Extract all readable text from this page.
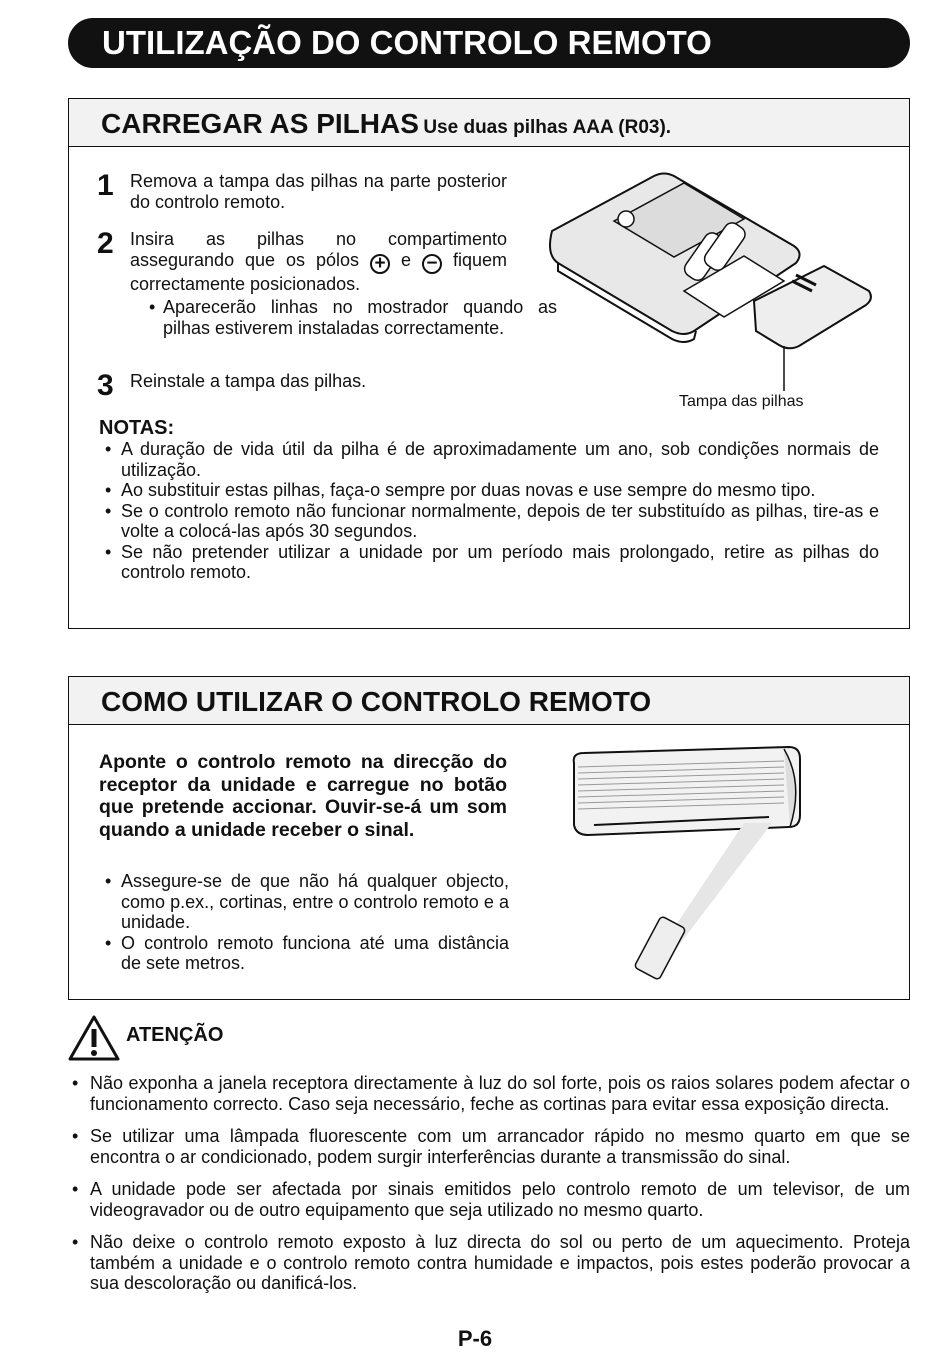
UTILIZAÇÃO DO CONTROLO REMOTO
CARREGAR AS PILHAS Use duas pilhas AAA (R03).
1 Remova a tampa das pilhas na parte posterior do controlo remoto.
2 Insira as pilhas no compartimento assegurando que os pólos + e − fiquem correctamente posicionados.
• Aparecerão linhas no mostrador quando as pilhas estiverem instaladas correctamente.
3 Reinstale a tampa das pilhas.
Tampa das pilhas
NOTAS:
• A duração de vida útil da pilha é de aproximadamente um ano, sob condições normais de utilização.
• Ao substituir estas pilhas, faça-o sempre por duas novas e use sempre do mesmo tipo.
• Se o controlo remoto não funcionar normalmente, depois de ter substituído as pilhas, tire-as e volte a colocá-las após 30 segundos.
• Se não pretender utilizar a unidade por um período mais prolongado, retire as pilhas do controlo remoto.
COMO UTILIZAR O CONTROLO REMOTO
Aponte o controlo remoto na direcção do receptor da unidade e carregue no botão que pretende accionar. Ouvir-se-á um som quando a unidade receber o sinal.
• Assegure-se de que não há qualquer objecto, como p.ex., cortinas, entre o controlo remoto e a unidade.
• O controlo remoto funciona até uma distância de sete metros.
ATENÇÃO
• Não exponha a janela receptora directamente à luz do sol forte, pois os raios solares podem afectar o funcionamento correcto. Caso seja necessário, feche as cortinas para evitar essa exposição directa.
• Se utilizar uma lâmpada fluorescente com um arrancador rápido no mesmo quarto em que se encontra o ar condicionado, podem surgir interferências durante a transmissão do sinal.
• A unidade pode ser afectada por sinais emitidos pelo controlo remoto de um televisor, de um videogravador ou de outro equipamento que seja utilizado no mesmo quarto.
• Não deixe o controlo remoto exposto à luz directa do sol ou perto de um aquecimento. Proteja também a unidade e o controlo remoto contra humidade e impactos, pois estes poderão provocar a sua descoloração ou danificá-los.
P-6
